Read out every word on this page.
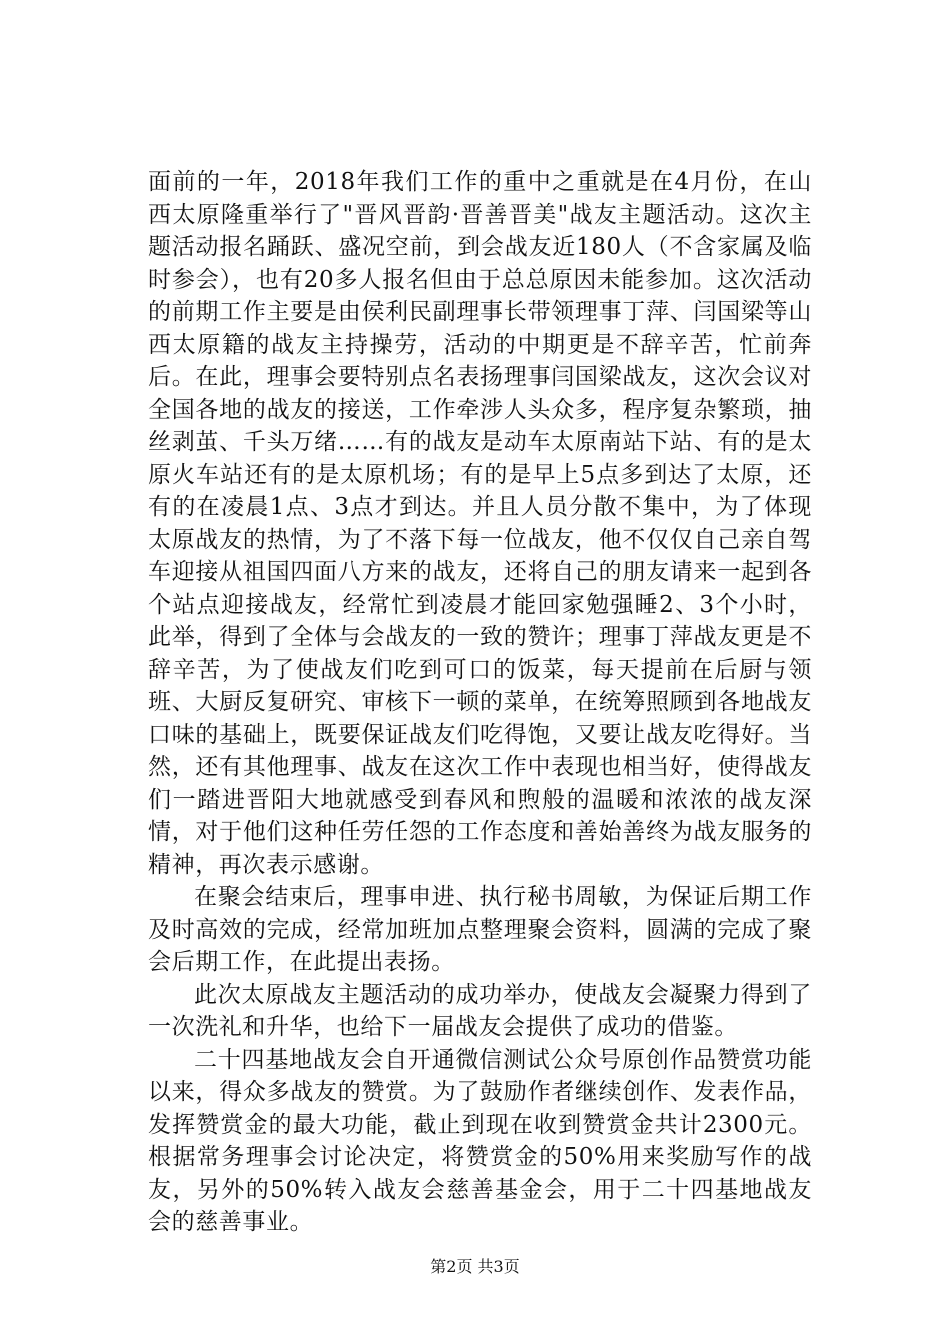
面前的一年，2018年我们工作的重中之重就是在4月份，在山西太原隆重举行了"晋风晋韵·晋善晋美"战友主题活动。这次主题活动报名踊跃、盛况空前，到会战友近180人（不含家属及临时参会），也有20多人报名但由于总总原因未能参加。这次活动的前期工作主要是由侯利民副理事长带领理事丁萍、闫国梁等山西太原籍的战友主持操劳，活动的中期更是不辞辛苦，忙前奔后。在此，理事会要特别点名表扬理事闫国梁战友，这次会议对全国各地的战友的接送，工作牵涉人头众多，程序复杂繁琐，抽丝剥茧、千头万绪……有的战友是动车太原南站下站、有的是太原火车站还有的是太原机场；有的是早上5点多到达了太原，还有的在凌晨1点、3点才到达。并且人员分散不集中，为了体现太原战友的热情，为了不落下每一位战友，他不仅仅自己亲自驾车迎接从祖国四面八方来的战友，还将自己的朋友请来一起到各个站点迎接战友，经常忙到凌晨才能回家勉强睡2、3个小时，此举，得到了全体与会战友的一致的赞许；理事丁萍战友更是不辞辛苦，为了使战友们吃到可口的饭菜，每天提前在后厨与领班、大厨反复研究、审核下一顿的菜单，在统筹照顾到各地战友口味的基础上，既要保证战友们吃得饱，又要让战友吃得好。当然，还有其他理事、战友在这次工作中表现也相当好，使得战友们一踏进晋阳大地就感受到春风和煦般的温暖和浓浓的战友深情，对于他们这种任劳任怨的工作态度和善始善终为战友服务的精神，再次表示感谢。

在聚会结束后，理事申进、执行秘书周敏，为保证后期工作及时高效的完成，经常加班加点整理聚会资料，圆满的完成了聚会后期工作，在此提出表扬。

此次太原战友主题活动的成功举办，使战友会凝聚力得到了一次洗礼和升华，也给下一届战友会提供了成功的借鉴。

二十四基地战友会自开通微信测试公众号原创作品赞赏功能以来，得众多战友的赞赏。为了鼓励作者继续创作、发表作品，发挥赞赏金的最大功能，截止到现在收到赞赏金共计2300元。根据常务理事会讨论决定，将赞赏金的50%用来奖励写作的战友，另外的50%转入战友会慈善基金会，用于二十四基地战友会的慈善事业。

第2页 共3页
